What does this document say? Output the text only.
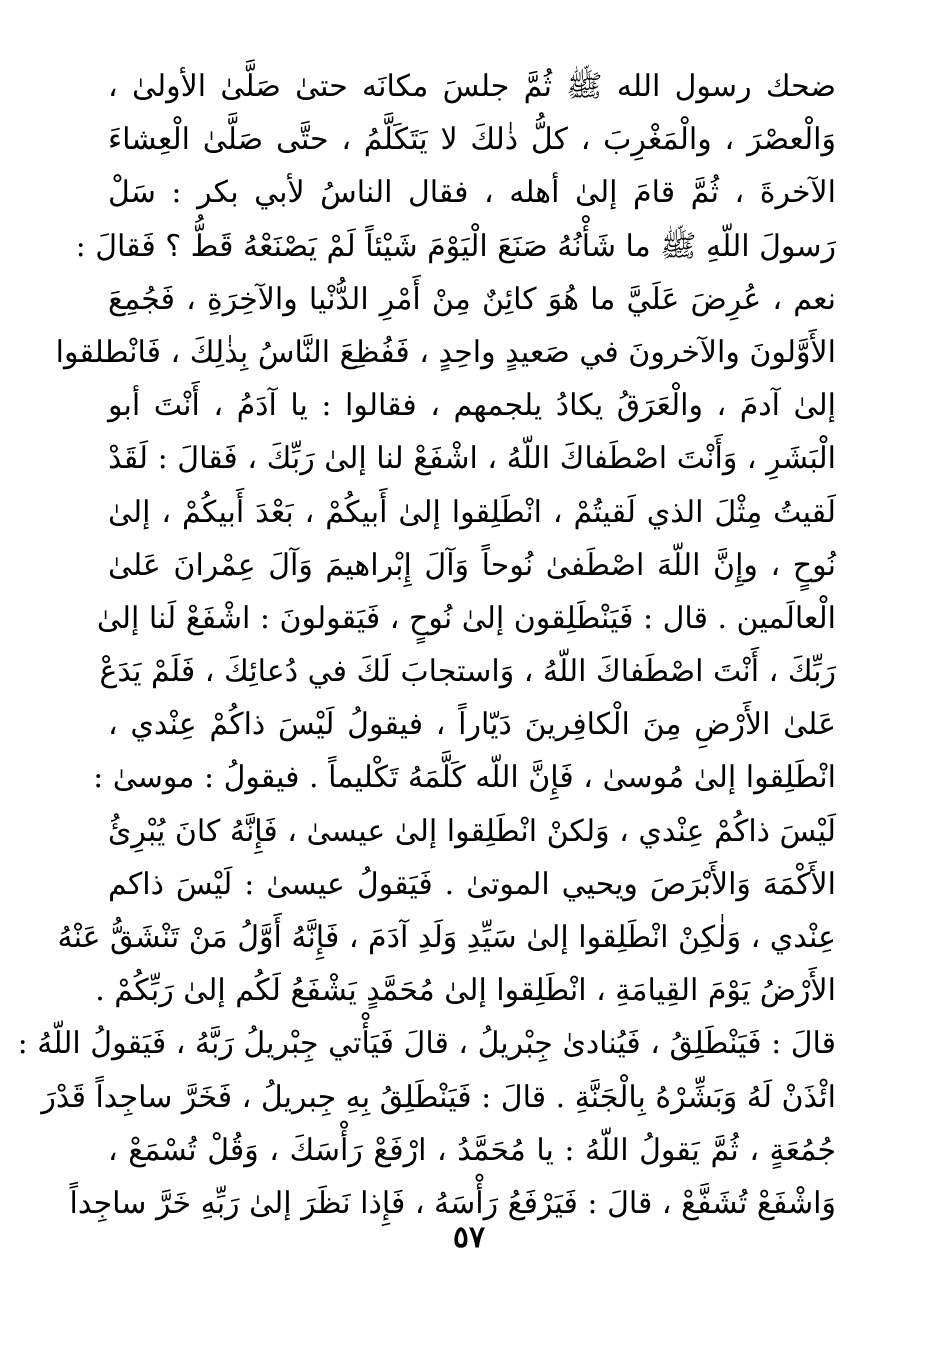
ضحك رسول الله ﷺ ثُمَّ جلسَ مكانَه حتىٰ صَلَّىٰ الأولىٰ ،
وَالْعصْرَ ، والْمَغْرِبَ ، كلُّ ذٰلكَ لا يَتَكَلَّمُ ، حتَّى صَلَّىٰ الْعِشاءَ
الآخرةَ ، ثُمَّ قامَ إلىٰ أهله ، فقال الناسُ لأبي بكر : سَلْ
رَسولَ اللّهِ ﷺ ما شَأْنُهُ صَنَعَ الْيَوْمَ شَيْئاً لَمْ يَصْنَعْهُ قَطُّ ؟ فَقالَ :
نعم ، عُرِضَ عَلَيَّ ما هُوَ كائِنٌ مِنْ أَمْرِ الدُّنْيا والآخِرَةِ ، فَجُمِعَ
الأَوَّلونَ والآخرونَ في صَعيدٍ واحِدٍ ، فَفُظِعَ النَّاسُ بِذٰلِكَ ، فَانْطلقوا
إلىٰ آدمَ ، والْعَرَقُ يكادُ يلجمهم ، فقالوا : يا آدَمُ ، أَنْتَ أبو
الْبَشَرِ ، وَأَنْتَ اصْطَفاكَ اللّهُ ، اشْفَعْ لنا إلىٰ رَبِّكَ ، فَقالَ : لَقَدْ
لَقيتُ مِثْلَ الذي لَقيتُمْ ، انْطَلِقوا إلىٰ أَبيكُمْ ، بَعْدَ أَبيكُمْ ، إلىٰ
نُوحٍ ، وإِنَّ اللّهَ اصْطَفىٰ نُوحاً وَآلَ إِبْراهيمَ وَآلَ عِمْرانَ عَلىٰ
الْعالَمين . قال : فَيَنْطَلِقون إلىٰ نُوحٍ ، فَيَقولونَ : اشْفَعْ لَنا إلىٰ
رَبِّكَ ، أَنْتَ اصْطَفاكَ اللّهُ ، وَاستجابَ لَكَ في دُعائِكَ ، فَلَمْ يَدَعْ
عَلىٰ الأَرْضِ مِنَ الْكافِرينَ دَيّاراً ، فيقولُ لَيْسَ ذاكُمْ عِنْدي ،
انْطَلِقوا إلىٰ مُوسىٰ ، فَإِنَّ اللّه كَلَّمَهُ تَكْليماً . فيقولُ : موسىٰ :
لَيْسَ ذاكُمْ عِنْدي ، وَلكنْ انْطَلِقوا إلىٰ عيسىٰ ، فَإِنَّهُ كانَ يُبْرِئُ
الأَكْمَهَ وَالأَبْرَصَ ويحيي الموتىٰ . فَيَقولُ عيسىٰ : لَيْسَ ذاكم
عِنْدي ، وَلٰكِنْ انْطَلِقوا إلىٰ سَيِّدِ وَلَدِ آدَمَ ، فَإِنَّهُ أَوَّلُ مَنْ تَنْشَقُّ عَنْهُ
الأَرْضُ يَوْمَ القِيامَةِ ، انْطَلِقوا إلىٰ مُحَمَّدٍ يَشْفَعُ لَكُم إلىٰ رَبِّكُمْ .
قالَ : فَيَنْطَلِقُ ، فَيُنادىٰ جِبْريلُ ، قالَ فَيَأْتي جِبْريلُ رَبَّهُ ، فَيَقولُ اللّهُ :
ائْذَنْ لَهُ وَبَشِّرْهُ بِالْجَنَّةِ . قالَ : فَيَنْطَلِقُ بِهِ جِبريلُ ، فَخَرَّ ساجِداً قَدْرَ
جُمُعَةٍ ، ثُمَّ يَقولُ اللّهُ : يا مُحَمَّدُ ، ارْفَعْ رَأْسَكَ ، وَقُلْ تُسْمَعْ ،
وَاشْفَعْ تُشَفَّعْ ، قالَ : فَيَرْفَعُ رَأْسَهُ ، فَإِذا نَظَرَ إلىٰ رَبِّهِ خَرَّ ساجِداً
٥٧
